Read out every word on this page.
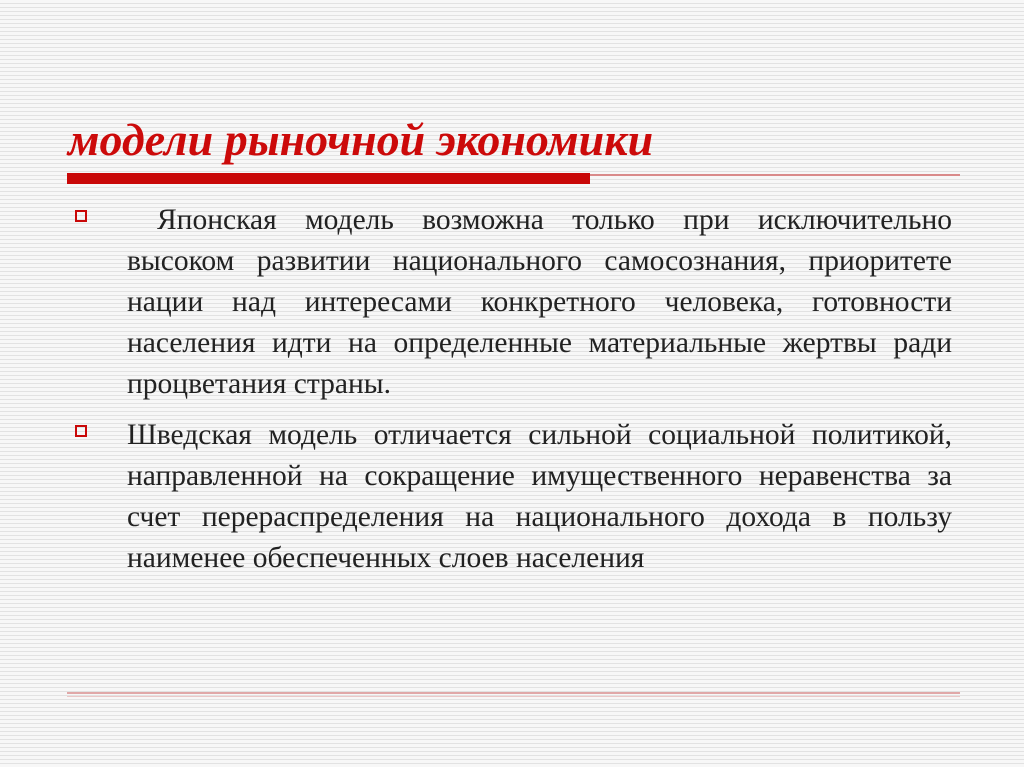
модели рыночной экономики
Японская модель возможна только при исключительно высоком развитии национального самосознания, приоритете нации над интересами конкретного человека, готовности населения идти на определенные материальные жертвы ради процветания страны.
Шведская модель отличается сильной социальной политикой, направленной на сокращение имущественного неравенства за счет перераспределения на национального дохода в пользу наименее обеспеченных слоев населения
